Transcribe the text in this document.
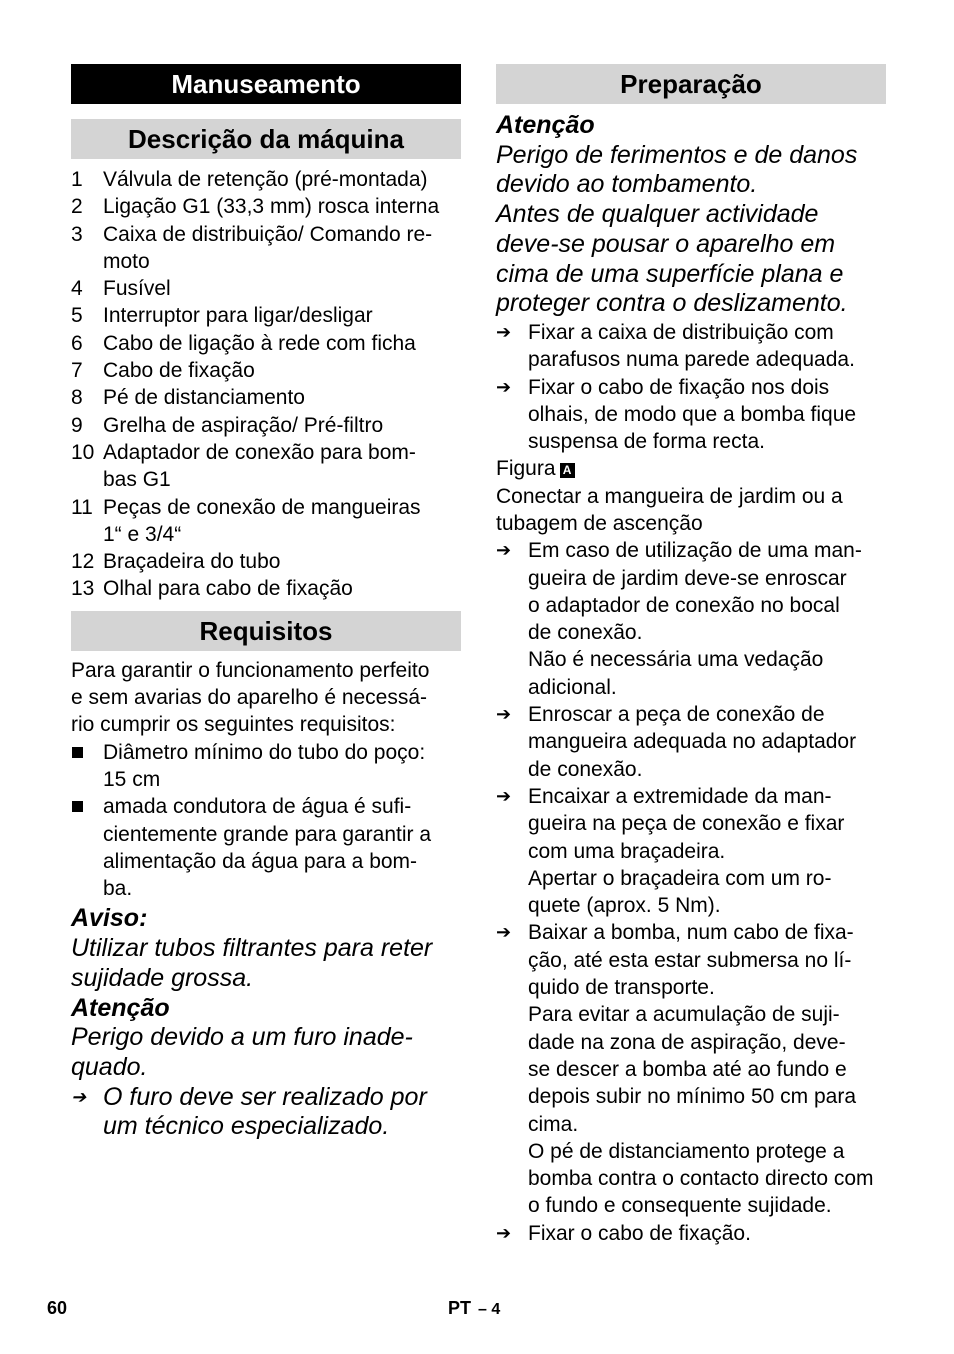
Manuseamento
Descrição da máquina
1 Válvula de retenção (pré-montada)
2 Ligação G1 (33,3 mm) rosca interna
3 Caixa de distribuição/ Comando re-
moto
4 Fusível
5 Interruptor para ligar/desligar
6 Cabo de ligação à rede com ficha
7 Cabo de fixação
8 Pé de distanciamento
9 Grelha de aspiração/ Pré-filtro
10 Adaptador de conexão para bom-
bas G1
11 Peças de conexão de mangueiras
1“ e 3/4“
12 Braçadeira do tubo
13 Olhal para cabo de fixação
Requisitos
Para garantir o funcionamento perfeito
e sem avarias do aparelho é necessá-
rio cumprir os seguintes requisitos:
Diâmetro mínimo do tubo do poço:
15 cm
amada condutora de água é sufi-
cientemente grande para garantir a
alimentação da água para a bom-
ba.
Aviso:
Utilizar tubos filtrantes para reter
sujidade grossa.
Atenção
Perigo devido a um furo inade-
quado.
➔ O furo deve ser realizado por
um técnico especializado.
Preparação
Atenção
Perigo de ferimentos e de danos
devido ao tombamento.
Antes de qualquer actividade
deve-se pousar o aparelho em
cima de uma superfície plana e
proteger contra o deslizamento.
➔ Fixar a caixa de distribuição com
parafusos numa parede adequada.
➔ Fixar o cabo de fixação nos dois
olhais, de modo que a bomba fique
suspensa de forma recta.
Figura A
Conectar a mangueira de jardim ou a
tubagem de ascenção
➔ Em caso de utilização de uma man-
gueira de jardim deve-se enroscar
o adaptador de conexão no bocal
de conexão.
Não é necessária uma vedação
adicional.
➔ Enroscar a peça de conexão de
mangueira adequada no adaptador
de conexão.
➔ Encaixar a extremidade da man-
gueira na peça de conexão e fixar
com uma braçadeira.
Apertar o braçadeira com um ro-
quete (aprox. 5 Nm).
➔ Baixar a bomba, num cabo de fixa-
ção, até esta estar submersa no lí-
quido de transporte.
Para evitar a acumulação de suji-
dade na zona de aspiração, deve-
se descer a bomba até ao fundo e
depois subir no mínimo 50 cm para
cima.
O pé de distanciamento protege a
bomba contra o contacto directo com
o fundo e consequente sujidade.
➔ Fixar o cabo de fixação.
60	PT – 4
